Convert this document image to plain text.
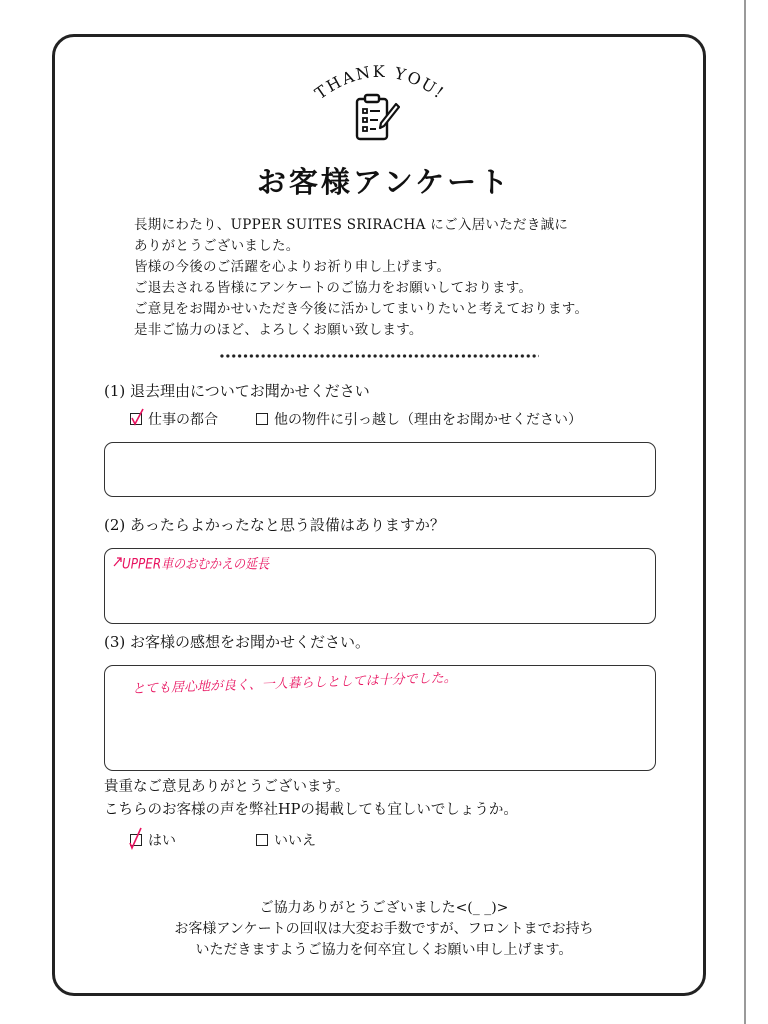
THANK YOU!
お客様アンケート
長期にわたり、UPPER SUITES SRIRACHA にご入居いただき誠に
ありがとうございました。
皆様の今後のご活躍を心よりお祈り申し上げます。
ご退去される皆様にアンケートのご協力をお願いしております。
ご意見をお聞かせいただき今後に活かしてまいりたいと考えております。
是非ご協力のほど、よろしくお願い致します。
(1) 退去理由についてお聞かせください
仕事の都合	他の物件に引っ越し（理由をお聞かせください）
(2) あったらよかったなと思う設備はありますか？
UPPER車のおむかえの延長
(3) お客様の感想をお聞かせください。
とても居心地が良く、一人暮らしとしては十分でした。
貴重なご意見ありがとうございます。
こちらのお客様の声を弊社HPの掲載しても宜しいでしょうか。
はい	いいえ
ご協力ありがとうございました<(_ _)>
お客様アンケートの回収は大変お手数ですが、フロントまでお持ち
いただきますようご協力を何卒宜しくお願い申し上げます。
